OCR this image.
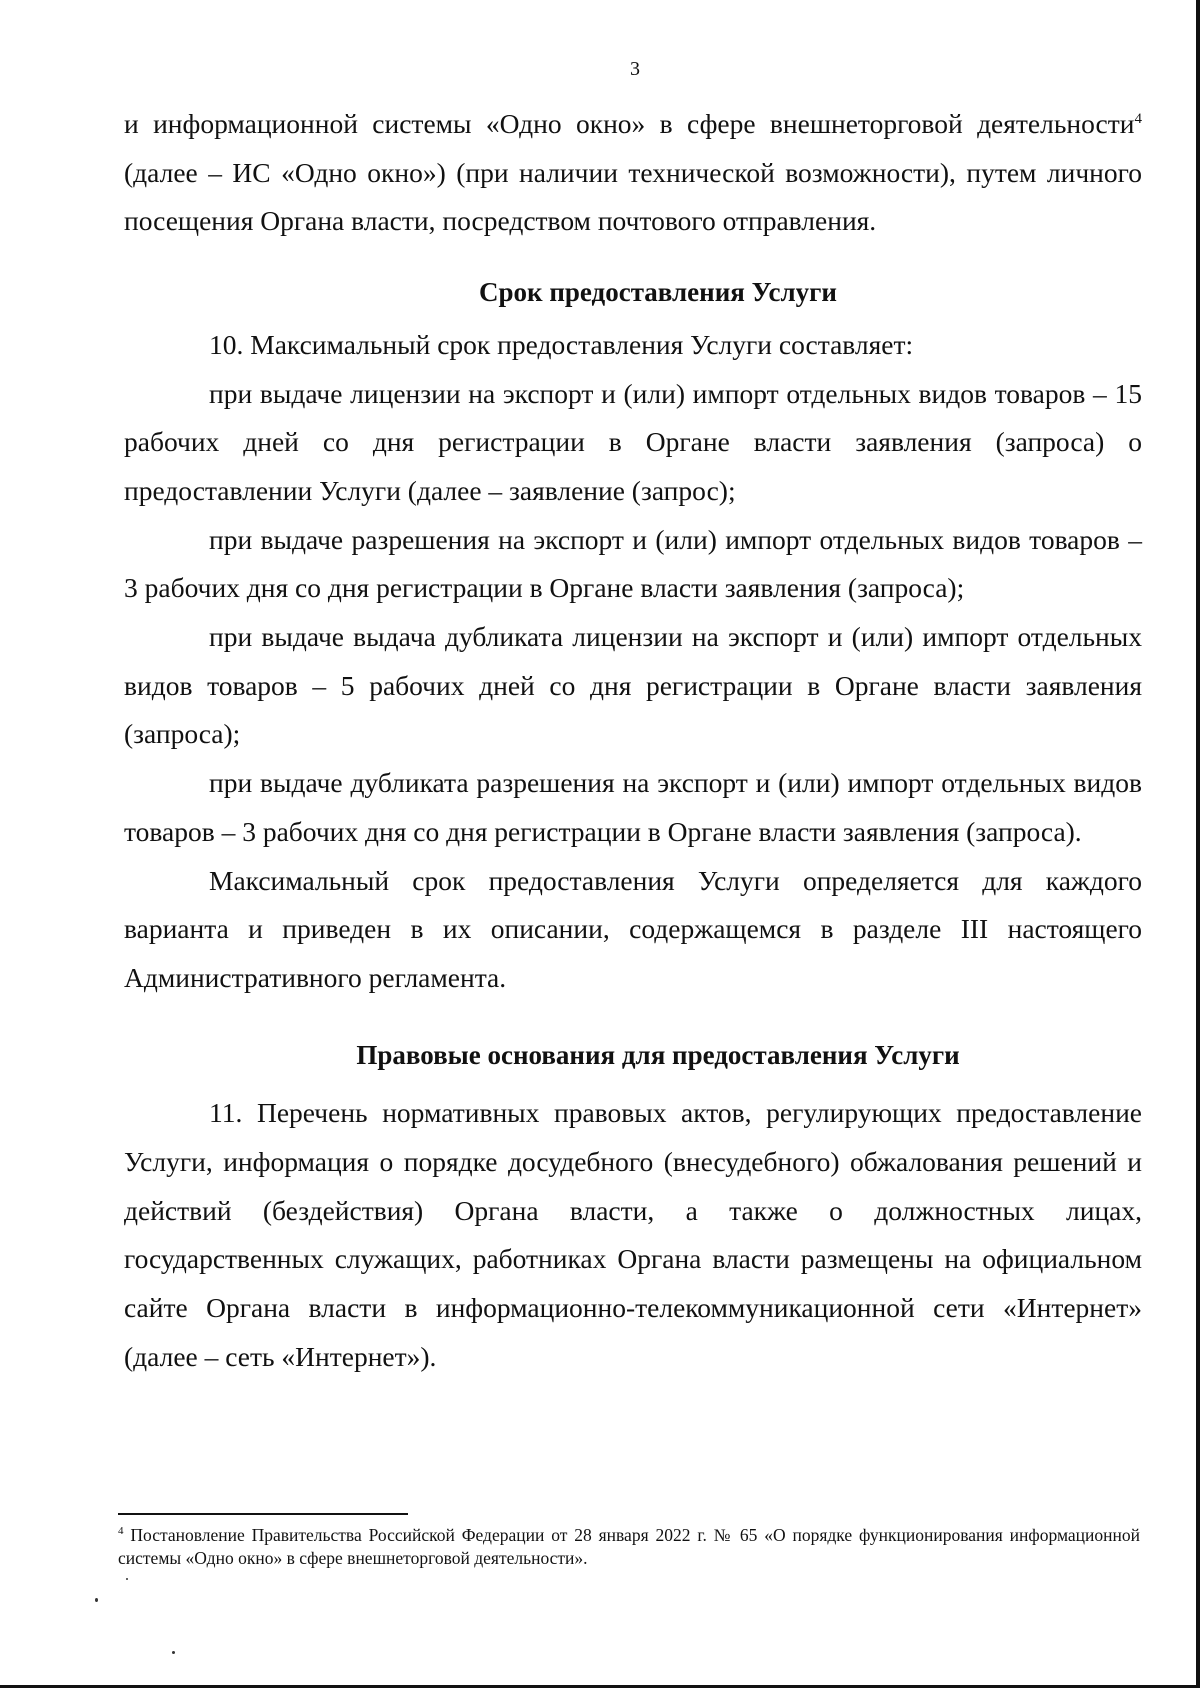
3

и информационной системы «Одно окно» в сфере внешнеторговой деятельности$^4$ (далее – ИС «Одно окно») (при наличии технической возможности), путем личного посещения Органа власти, посредством почтового отправления.

Срок предоставления Услуги

10. Максимальный срок предоставления Услуги составляет:

при выдаче лицензии на экспорт и (или) импорт отдельных видов товаров – 15 рабочих дней со дня регистрации в Органе власти заявления (запроса) о предоставлении Услуги (далее – заявление (запрос);

при выдаче разрешения на экспорт и (или) импорт отдельных видов товаров – 3 рабочих дня со дня регистрации в Органе власти заявления (запроса);

при выдаче выдача дубликата лицензии на экспорт и (или) импорт отдельных видов товаров – 5 рабочих дней со дня регистрации в Органе власти заявления (запроса);

при выдаче дубликата разрешения на экспорт и (или) импорт отдельных видов товаров – 3 рабочих дня со дня регистрации в Органе власти заявления (запроса).

Максимальный срок предоставления Услуги определяется для каждого варианта и приведен в их описании, содержащемся в разделе III настоящего Административного регламента.

Правовые основания для предоставления Услуги

11. Перечень нормативных правовых актов, регулирующих предоставление Услуги, информация о порядке досудебного (внесудебного) обжалования решений и действий (бездействия) Органа власти, а также о должностных лицах, государственных служащих, работниках Органа власти размещены на официальном сайте Органа власти в информационно-телекоммуникационной сети «Интернет» (далее – сеть «Интернет»).

$^4$ Постановление Правительства Российской Федерации от 28 января 2022 г. № 65 «О порядке функционирования информационной системы «Одно окно» в сфере внешнеторговой деятельности».
